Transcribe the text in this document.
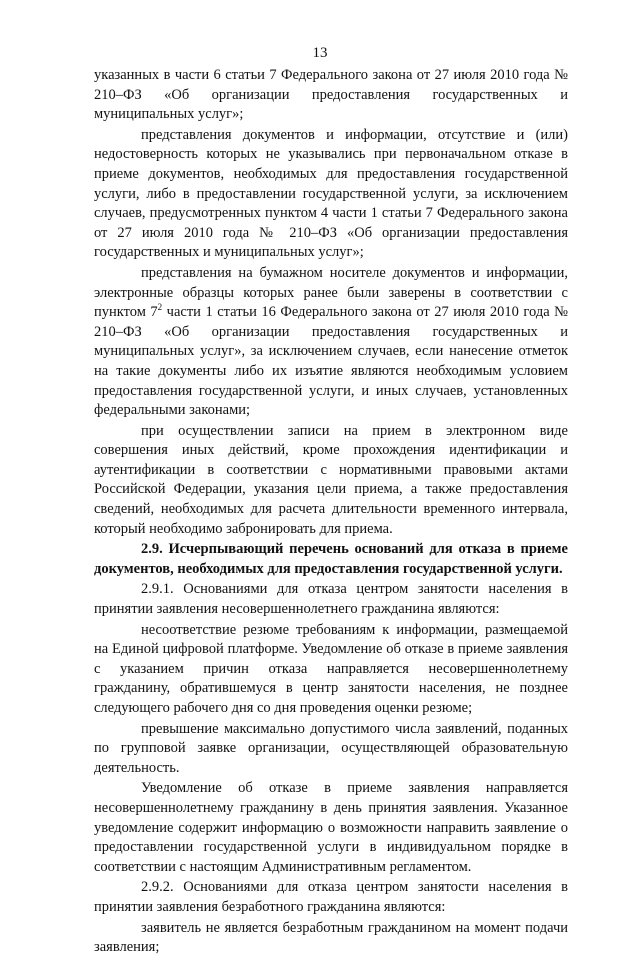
13

указанных в части 6 статьи 7 Федерального закона от 27 июля 2010 года № 210–ФЗ «Об организации предоставления государственных и муниципальных услуг»;

представления документов и информации, отсутствие и (или) недостоверность которых не указывались при первоначальном отказе в приеме документов, необходимых для предоставления государственной услуги, либо в предоставлении государственной услуги, за исключением случаев, предусмотренных пунктом 4 части 1 статьи 7 Федерального закона от 27 июля 2010 года № 210–ФЗ «Об организации предоставления государственных и муниципальных услуг»;

представления на бумажном носителе документов и информации, электронные образцы которых ранее были заверены в соответствии с пунктом $7^2$ части 1 статьи 16 Федерального закона от 27 июля 2010 года № 210–ФЗ «Об организации предоставления государственных и муниципальных услуг», за исключением случаев, если нанесение отметок на такие документы либо их изъятие являются необходимым условием предоставления государственной услуги, и иных случаев, установленных федеральными законами;

при осуществлении записи на прием в электронном виде совершения иных действий, кроме прохождения идентификации и аутентификации в соответствии с нормативными правовыми актами Российской Федерации, указания цели приема, а также предоставления сведений, необходимых для расчета длительности временного интервала, который необходимо забронировать для приема.

2.9. Исчерпывающий перечень оснований для отказа в приеме документов, необходимых для предоставления государственной услуги.

2.9.1. Основаниями для отказа центром занятости населения в принятии заявления несовершеннолетнего гражданина являются:

несоответствие резюме требованиям к информации, размещаемой на Единой цифровой платформе. Уведомление об отказе в приеме заявления с указанием причин отказа направляется несовершеннолетнему гражданину, обратившемуся в центр занятости населения, не позднее следующего рабочего дня со дня проведения оценки резюме;

превышение максимально допустимого числа заявлений, поданных по групповой заявке организации, осуществляющей образовательную деятельность.

Уведомление об отказе в приеме заявления направляется несовершеннолетнему гражданину в день принятия заявления. Указанное уведомление содержит информацию о возможности направить заявление о предоставлении государственной услуги в индивидуальном порядке в соответствии с настоящим Административным регламентом.

2.9.2. Основаниями для отказа центром занятости населения в принятии заявления безработного гражданина являются:

заявитель не является безработным гражданином на момент подачи заявления;
